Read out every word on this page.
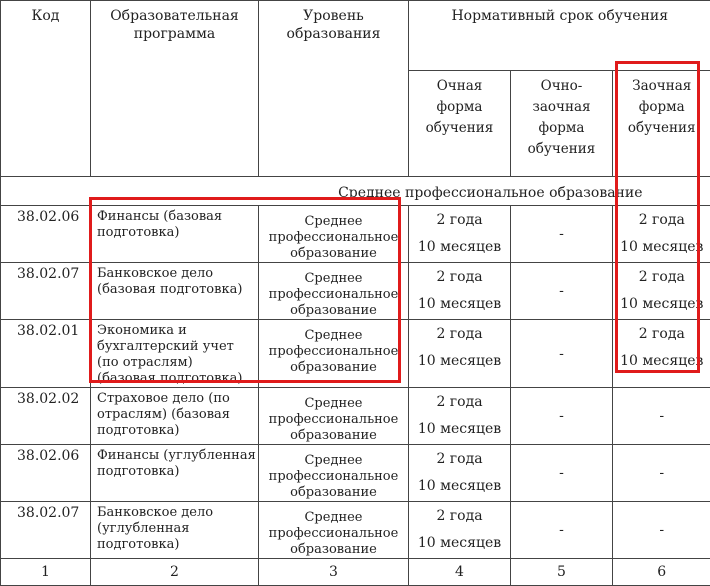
Код	Образовательная
программа	Уровень
образования	Нормативный срок обучения		

			Очная
форма
обучения	Очно-
заочная
форма
обучения	Заочная
форма
обучения

Среднее профессиональное образование					
38.02.06	Финансы (базовая
подготовка)	Среднее
профессиональное
образование	2 года
10 месяцев	-	2 года
10 месяцев

38.02.07	Банковское дело
(базовая подготовка)	Среднее
профессиональное
образование	2 года
10 месяцев	-	2 года
10 месяцев

38.02.01	Экономика и
бухгалтерский учет
(по отраслям)
(базовая подготовка)	Среднее
профессиональное
образование	2 года
10 месяцев	-	2 года
10 месяцев

38.02.02	Страховое дело (по
отраслям) (базовая
подготовка)	Среднее
профессиональное
образование	2 года
10 месяцев	-	-
38.02.06	Финансы (углубленная
подготовка)	Среднее
профессиональное
образование	2 года
10 месяцев	-	-
38.02.07	Банковское дело
(углубленная
подготовка)	Среднее
профессиональное
образование	2 года
10 месяцев	-	-
1	2	3	4	5	6
